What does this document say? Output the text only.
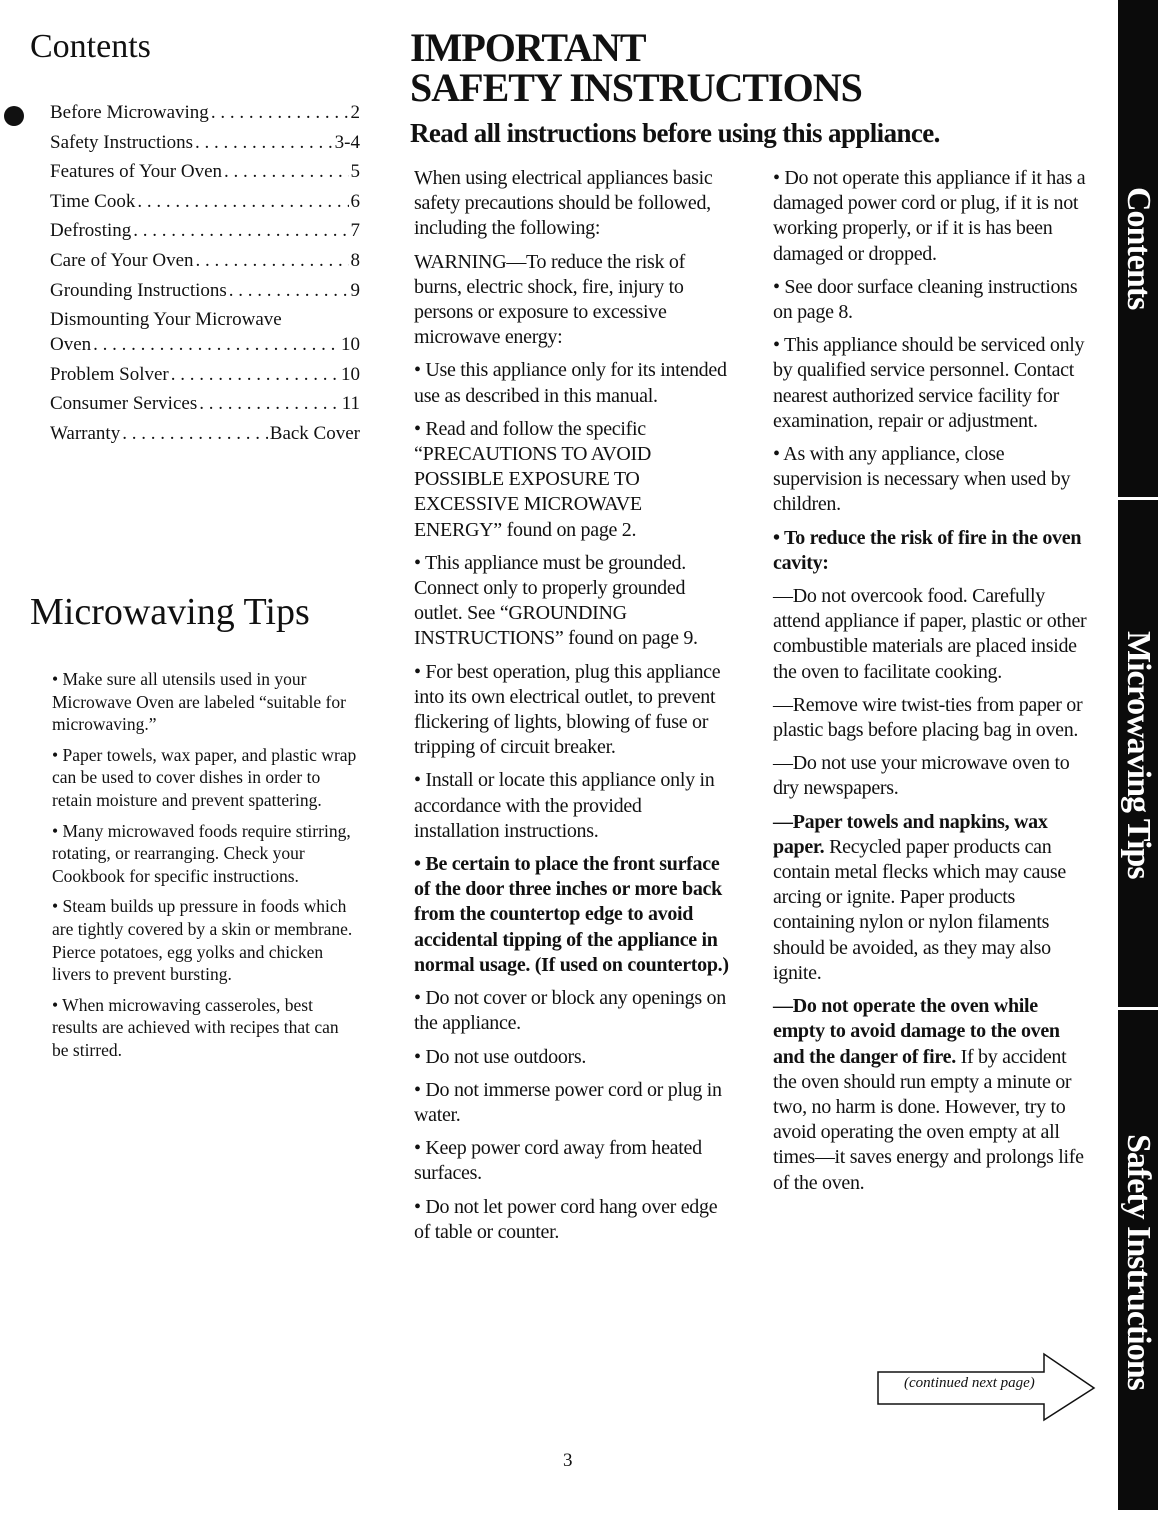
Contents
Before Microwaving . . .	2
Safety Instructions . . .	3-4
Features of Your Oven . . .	5
Time Cook . . .	6
Defrosting . . .	7
Care of Your Oven . . .	8
Grounding Instructions . . .	9
Dismounting Your Microwave
Oven . . .	10
Problem Solver . . .	10
Consumer Services . . .	11
Warranty . . .	Back Cover
Microwaving Tips

• Make sure all utensils used in your Microwave Oven are labeled “suitable for microwaving.”

• Paper towels, wax paper, and plastic wrap can be used to cover dishes in order to retain moisture and prevent spattering.

• Many microwaved foods require stirring, rotating, or rearranging. Check your Cookbook for specific instructions.

• Steam builds up pressure in foods which are tightly covered by a skin or membrane. Pierce potatoes, egg yolks and chicken livers to prevent bursting.

• When microwaving casseroles, best results are achieved with recipes that can be stirred.

IMPORTANT
SAFETY INSTRUCTIONS
Read all instructions before using this appliance.

When using electrical appliances basic safety precautions should be followed, including the following:

WARNING—To reduce the risk of burns, electric shock, fire, injury to persons or exposure to excessive microwave energy:

• Use this appliance only for its intended use as described in this manual.

• Read and follow the specific “PRECAUTIONS TO AVOID POSSIBLE EXPOSURE TO EXCESSIVE MICROWAVE ENERGY” found on page 2.

• This appliance must be grounded. Connect only to properly grounded outlet. See “GROUNDING INSTRUCTIONS” found on page 9.

• For best operation, plug this appliance into its own electrical outlet, to prevent flickering of lights, blowing of fuse or tripping of circuit breaker.

• Install or locate this appliance only in accordance with the provided installation instructions.

• Be certain to place the front surface of the door three inches or more back from the countertop edge to avoid accidental tipping of the appliance in normal usage. (If used on countertop.)

• Do not cover or block any openings on the appliance.

• Do not use outdoors.

• Do not immerse power cord or plug in water.

• Keep power cord away from heated surfaces.

• Do not let power cord hang over edge of table or counter.

• Do not operate this appliance if it has a damaged power cord or plug, if it is not working properly, or if it is has been damaged or dropped.

• See door surface cleaning instructions on page 8.

• This appliance should be serviced only by qualified service personnel. Contact nearest authorized service facility for examination, repair or adjustment.

• As with any appliance, close supervision is necessary when used by children.

• To reduce the risk of fire in the oven cavity:

—Do not overcook food. Carefully attend appliance if paper, plastic or other combustible materials are placed inside the oven to facilitate cooking.

—Remove wire twist-ties from paper or plastic bags before placing bag in oven.

—Do not use your microwave oven to dry newspapers.

—Paper towels and napkins, wax paper. Recycled paper products can contain metal flecks which may cause arcing or ignite. Paper products containing nylon or nylon filaments should be avoided, as they may also ignite.

—Do not operate the oven while empty to avoid damage to the oven and the danger of fire. If by accident the oven should run empty a minute or two, no harm is done. However, try to avoid operating the oven empty at all times—it saves energy and prolongs life of the oven.

(continued next page)
3
Contents
Microwaving Tips
Safety Instructions
